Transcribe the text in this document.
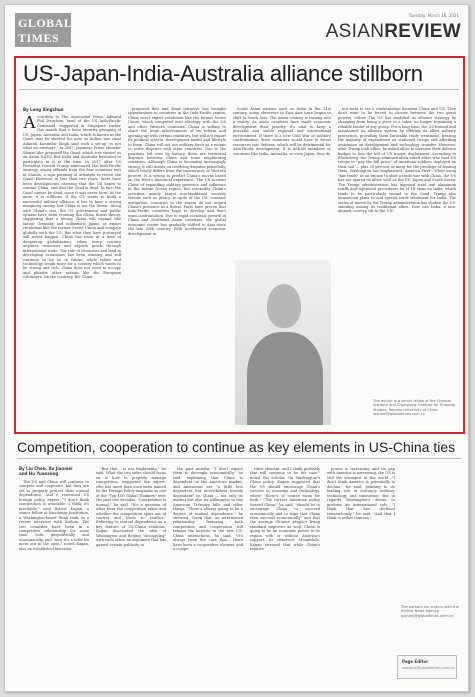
GLOBAL
TIMES
Tuesday, March 16, 2021
ASIANREVIEW
US-Japan-India-Australia alliance stillborn
By Long Xingchun
A ccording to The Associated Press, Admiral Phil Davidson, head of the US Indo-Pacific Command, suggested in Singapore earlier this month that a loose security grouping of US, Japan, Australia and India, which is known as the Quad, may be shelved for now, as Indian war chief Admiral Karambir Singh said such a set-up "is not what we envisage." In 2007, Japanese Prime Minister Shinzo Abe proposed the Quad, which was viewed as an Asian NATO. But India and Australia hesitated to participate in it at the time. In 2017 after US President Donald Trump announced the Indo-Pacific strategy, senior officials from the four countries met in Manila, a sign pointing at attempts to revive the Quad. However, in less than two years, there have been developments showing that the US hopes to contain China, and that the Quad is dead. In fact, the Quad cannot be dead, since it was never born. At the most, it is stillborn. If the US wants to build a successful military alliance, it has to have a strong imaginary enemy, but China is not the threat. Along with China's rise, the US government and public opinion have been creating the China threat theory, suggesting that a strong China will expand like fascist Germany and militaristic Japan, or export revolution like the former Soviet Union and compete globally with the US. But what they have portrayed will never happen. China has risen at a time of deepening globalization, when every country acquires resources and exports goods through international trade. The rule of resources and land in developing economies has been winning and will continue to be so in future, while talent and technology weigh more for a country which wants to be strong and rich. China does not need to occupy and plunder other nations like the European colonizers. On the contrary, the China-

proposed Belt and Road Initiative has brought opportunities to countries in the Indo-Pacific region. China won't export revolution like the former Soviet Union, which competed over ideology with the US and other Western countries. China is willing to share the huge achievements of its reform and opening-up with certain countries, but will not export its political system, development model and lifestyle to them. China will not use military force as a means to settle disputes with other countries. Due to the positions left over by history, there are territorial disputes between China and some neighboring countries. Although China is becoming increasingly strong, it still insists on resolving disputes peacefully, which totally differs from the experiences of Western powers. It is wrong to predict China's moves based on the West's historical experience. The US accuses China of expanding military presence and influence in the Indian Ocean region, but ostensibly China's activities mainly target non-traditional security threats such as piracy. In spite of the US' constant instigation, countries in the region do not regard China's presence as a threat. Facts have proven that Indo-Pacific countries hope to develop and don't want confrontation. Due to rapid economic growth in China and Southeast Asian countries, the global economic center has gradually shifted to Asia since the late 20th century. With accelerated economic development in

South Asian nations such as India in the 21st century, many observers in East Asia have begun to shift to South Asia. The Asian century is turning into a reality. As Asian countries have made economic development their priority, it's vital to keep a peaceful and stable regional and international environment. If there is a new Cold War or military confrontation, these countries would have to divert resources into defense, which will be detrimental for Asia-Pacific development. It is ASEAN members or countries like India, Australia, or even Japan, they do

not want to see a confrontation between China and US. They don't want to be forced to choose between the two great powers, either. The US has modified its alliance strategy by changing from being a giver to a taker, no longer remaining a reliable leader of any group. For a long time, the US formed and maintained its alliance system by offering its allies military protection, providing them favorable trade treatment, bearing the majority of expenditure on stationed troops and affording assistance on development and technology transfer. However, after Trump took office, he asked allies to increase their defense budget to foot the bill of US troops' deployment. According to Bloomberg, the Trump administration asked allies who host US troops to "pay the full price" of American soldiers deployed on their soil — plus 50 percent or more for the privilege of hosting them. Washington has emphasized "America First". While using "fair trade" as an excuse to start a trade war with China, the US has not spared its allies such as the EU, Japan and South Korea. The Trump administration has imposed steel and aluminum tariffs and tightened procedures for H-1B visas on India, which tends to be particularly wound to the Quad. Trump also announced plans to end special trade treatment for India. The series of moves by the Trump administration has shaken the US' standing among its traditional allies. How can India, a non-aligned country, tilt to the US?

The author is a senior fellow of the Charhar Institute and Chongqing Institute for Financial Studies, Renmin University of China. opinion@globaltimes.com.cn
Competition, cooperation to continue as key elements in US-China ties
By Liu Chen, Xu Jianmei and Hu Yuanzong

The US and China will continue to compete and cooperate, but they are set to properly protect their mutual dependence, said a renowned US foreign policy expert. "I don't think competition is avoidable. I think it's inevitable," said Robert Kagan, a senior fellow at Brookings Institution, a Washington-based think tank, in a recent interview with Xinhua. The two countries have been in a competitive relationship for some time, both geopolitically and economically, and "now it's a little bit more out in the open," noted Kagan, also an established historian.

"But that... is not frightening," he said. What the two sides should focus on is how to properly manage competition, suggested the expert, who has more than once been named by the Foreign Policy magazine as one of the "Top 100 Global Thinkers" over the past two decades. "Competition is normal," he said. "It's a question of what form the competition takes and whether the competition spins out of control and leads to conflict." Referring to mutual dependence as a key feature of US-China relations, Kagan discounted the idea of Washington and Beijing "decoupling" with each other, an argument that has gained certain publicity in

the past months. "I don't expect them to decouple economically," he said, explaining that China is dependent on the American market, and Americans are "a little less dependent but nevertheless heavily dependent" on China — not only its market but also its willingness to buy American Treasury bills and other things. "There's always going to be a degree of mutual dependence," he stressed. Given that, an intertwined relationship featuring both competition and cooperation will remain the keynote in the new US-China interactions, he said. "It's always been the case that... there have been a cooperative element and a compe-

titive element, and I think probably that will continue to be the case," noted the scholar. On Washington's China policy, Kagan suggested that the US should encourage China's success in economy and technology, where "there's of course room for both." "The correct American policy toward China," he said, "should be to encourage China to succeed economically and to hope that China then succeed economically" and that the average Chinese people's living standard improves as well. China is going to be an economic power in its region with or without America's support, he observed. Meanwhile, Kagan stressed that while China's relative

power is increasing and its gap with America is narrowing, the US is still the strongest in the world. "I don't think America is potentially in decline," he said, pointing to its leading role in currency, military, technology and innovation. But in regards Washington's desire to preform an international role, "I think that has declined tremendously," he said. "And that I think is rather tenuous."

The authors are writers with the Xinhua News Agency. opinion@globaltimes.com.cn
Page Editor
wanghui@globaltimes.com.cn
